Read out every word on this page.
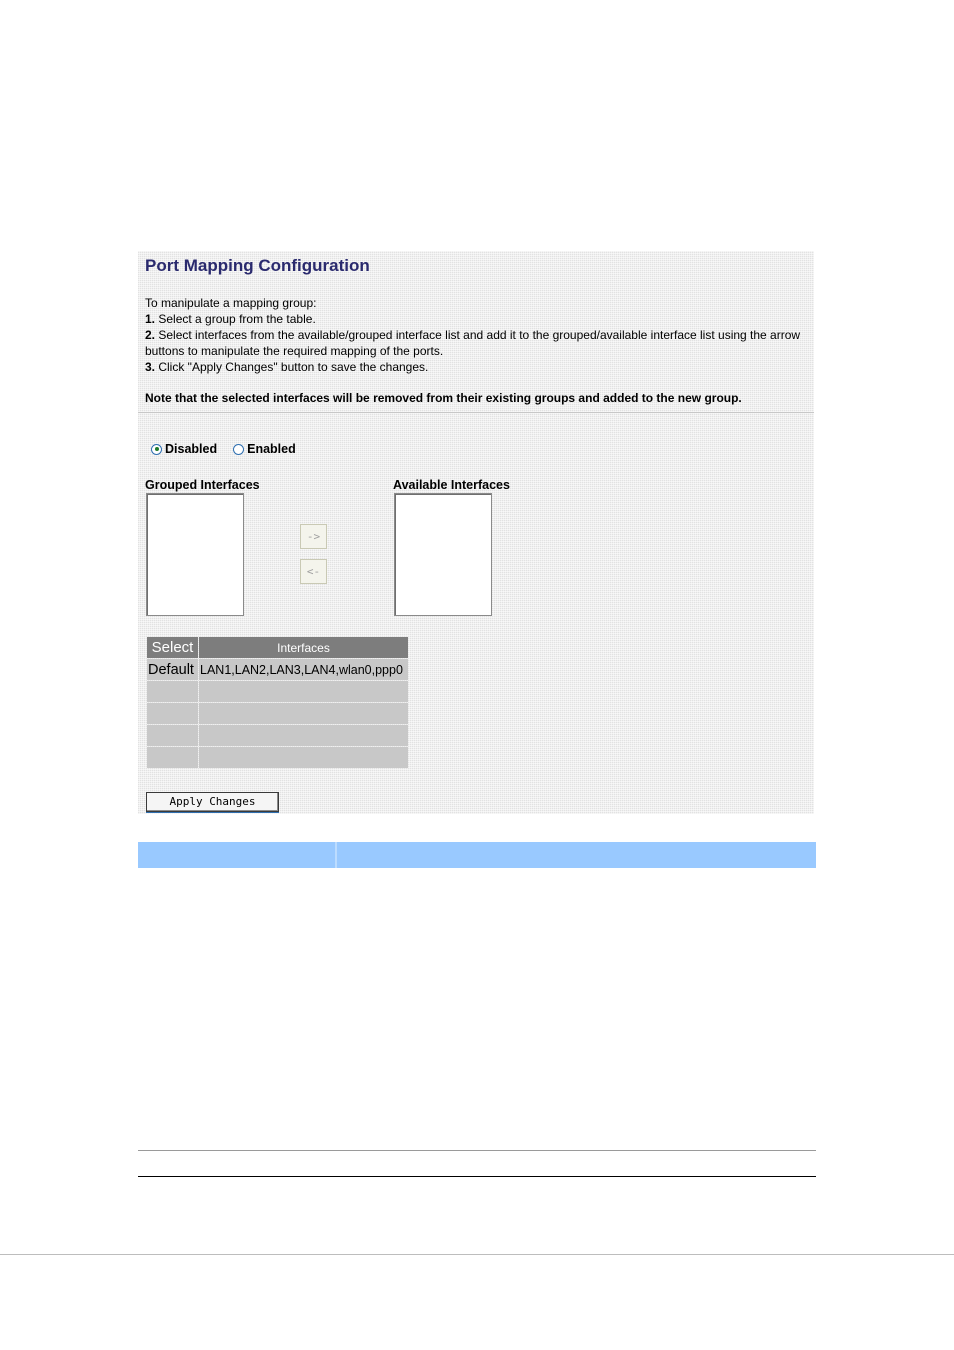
Port Mapping Configuration
To manipulate a mapping group:
1. Select a group from the table.
2. Select interfaces from the available/grouped interface list and add it to the grouped/available interface list using the arrow buttons to manipulate the required mapping of the ports.
3. Click "Apply Changes" button to save the changes.
Note that the selected interfaces will be removed from their existing groups and added to the new group.
Disabled Enabled
Grouped Interfaces	Available Interfaces
->
<-
Select	Interfaces
Default	LAN1,LAN2,LAN3,LAN4,wlan0,ppp0

Apply Changes
